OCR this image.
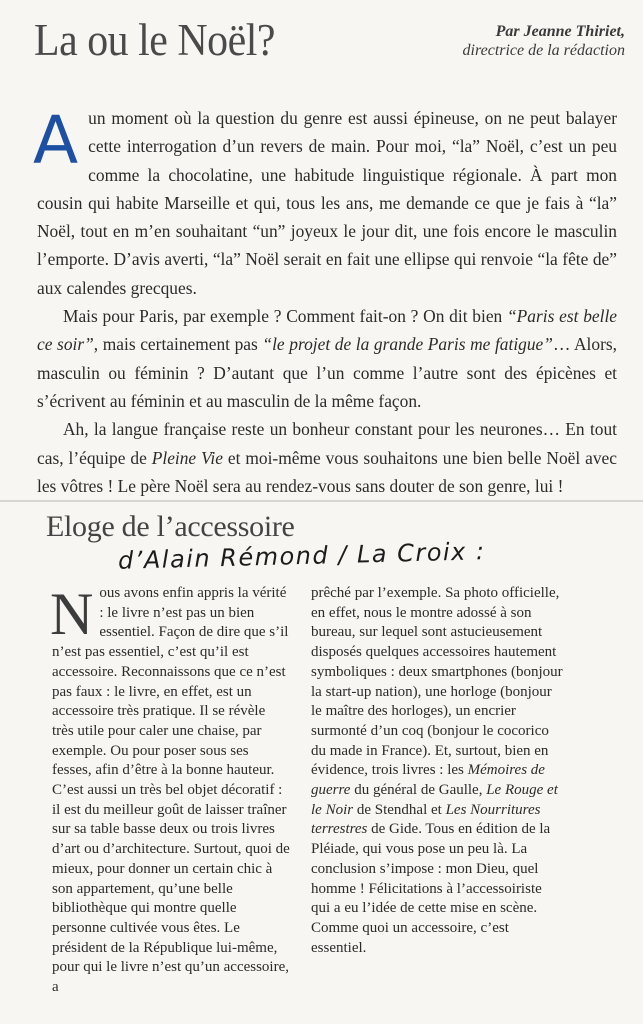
La ou le Noël?	Par Jeanne Thiriet,
directrice de la rédaction

Aun moment où la question du genre est aussi épineuse, on ne peut balayer cette interrogation d’un revers de main. Pour moi, “la” Noël, c’est un peu comme la chocolatine, une habitude linguistique régionale. À part mon cousin qui habite Marseille et qui, tous les ans, me demande ce que je fais à “la” Noël, tout en m’en souhaitant “un” joyeux le jour dit, une fois encore le masculin l’emporte. D’avis averti, “la” Noël serait en fait une ellipse qui renvoie “la fête de” aux calendes grecques.

Mais pour Paris, par exemple ? Comment fait-on ? On dit bien “Paris est belle ce soir”, mais certainement pas “le projet de la grande Paris me fatigue”… Alors, masculin ou féminin ? D’autant que l’un comme l’autre sont des épicènes et s’écrivent au féminin et au masculin de la même façon.

Ah, la langue française reste un bonheur constant pour les neurones… En tout cas, l’équipe de Pleine Vie et moi-même vous souhaitons une bien belle Noël avec les vôtres ! Le père Noël sera au rendez-vous sans douter de son genre, lui !

Eloge de l’accessoire
d’Alain Rémond / La Croix :

Nous avons enfin appris la vérité : le livre n’est pas un bien essentiel. Façon de dire que s’il n’est pas essentiel, c’est qu’il est accessoire. Reconnaissons que ce n’est pas faux : le livre, en effet, est un accessoire très pratique. Il se révèle très utile pour caler une chaise, par exemple. Ou pour poser sous ses fesses, afin d’être à la bonne hauteur. C’est aussi un très bel objet décoratif : il est du meilleur goût de laisser traîner sur sa table basse deux ou trois livres d’art ou d’architecture. Surtout, quoi de mieux, pour donner un certain chic à son appartement, qu’une belle bibliothèque qui montre quelle personne cultivée vous êtes. Le président de la République lui-même, pour qui le livre n’est qu’un accessoire, a

prêché par l’exemple. Sa photo officielle, en effet, nous le montre adossé à son bureau, sur lequel sont astucieusement disposés quelques accessoires hautement symboliques : deux smartphones (bonjour la start-up nation), une horloge (bonjour le maître des horloges), un encrier surmonté d’un coq (bonjour le cocorico du made in France). Et, surtout, bien en évidence, trois livres : les Mémoires de guerre du général de Gaulle, Le Rouge et le Noir de Stendhal et Les Nourritures terrestres de Gide. Tous en édition de la Pléiade, qui vous pose un peu là. La conclusion s’impose : mon Dieu, quel homme ! Félicitations à l’accessoiriste qui a eu l’idée de cette mise en scène. Comme quoi un accessoire, c’est essentiel.
